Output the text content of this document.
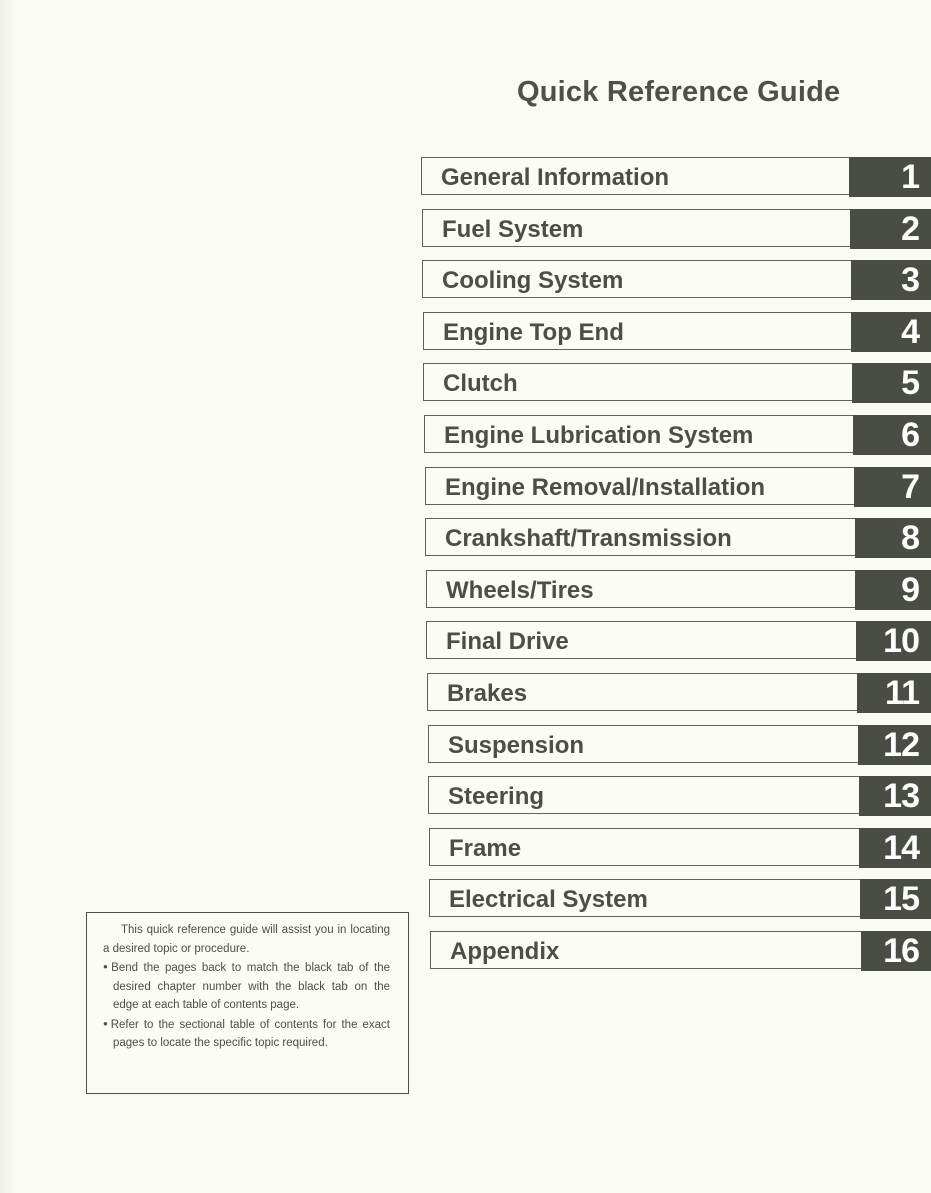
Quick Reference Guide
General Information	1
Fuel System	2
Cooling System	3
Engine Top End	4
Clutch	5
Engine Lubrication System	6
Engine Removal/Installation	7
Crankshaft/Transmission	8
Wheels/Tires	9
Final Drive	10
Brakes	11
Suspension	12
Steering	13
Frame	14
Electrical System	15
Appendix	16

This quick reference guide will assist you in locating a desired topic or procedure.

●Bend the pages back to match the black tab of the desired chapter number with the black tab on the edge at each table of contents page.

●Refer to the sectional table of contents for the exact pages to locate the specific topic required.
